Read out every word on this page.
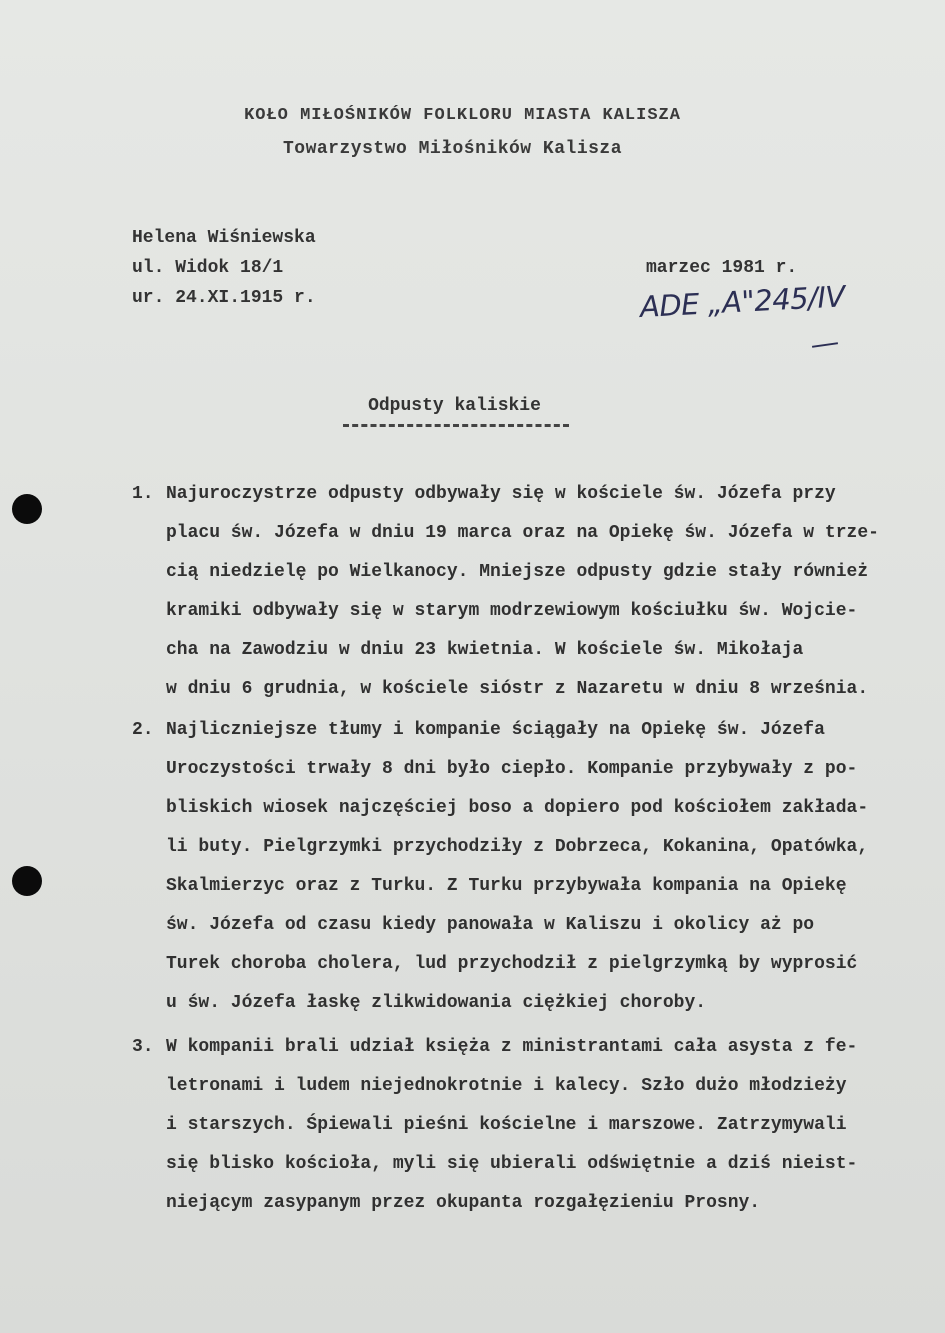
KOŁO MIŁOŚNIKÓW FOLKLORU MIASTA KALISZA
Towarzystwo Miłośników Kalisza
Helena Wiśniewska
ul. Widok 18/1
ur. 24.XI.1915 r.
marzec 1981 r.
ADE „A"245/IV
Odpusty kaliskie
1. Najuroczystrze odpusty odbywały się w kościele św. Józefa przy
placu św. Józefa w dniu 19 marca oraz na Opiekę św. Józefa w trze-
cią niedzielę po Wielkanocy. Mniejsze odpusty gdzie stały również
kramiki odbywały się w starym modrzewiowym kościułku św. Wojcie-
cha na Zawodziu w dniu 23 kwietnia. W kościele św. Mikołaja
w dniu 6 grudnia, w kościele sióstr z Nazaretu w dniu 8 września.
2. Najliczniejsze tłumy i kompanie ściągały na Opiekę św. Józefa
Uroczystości trwały 8 dni było ciepło. Kompanie przybywały z po-
bliskich wiosek najczęściej boso a dopiero pod kościołem zakłada-
li buty. Pielgrzymki przychodziły z Dobrzeca, Kokanina, Opatówka,
Skalmierzyc oraz z Turku. Z Turku przybywała kompania na Opiekę
św. Józefa od czasu kiedy panowała w Kaliszu i okolicy aż po
Turek choroba cholera, lud przychodził z pielgrzymką by wyprosić
u św. Józefa łaskę zlikwidowania ciężkiej choroby.
3. W kompanii brali udział księża z ministrantami cała asysta z fe-
letronami i ludem niejednokrotnie i kalecy. Szło dużo młodzieży
i starszych. Śpiewali pieśni kościelne i marszowe. Zatrzymywali
się blisko kościoła, myli się ubierali odświętnie a dziś nieist-
niejącym zasypanym przez okupanta rozgałęzieniu Prosny.
